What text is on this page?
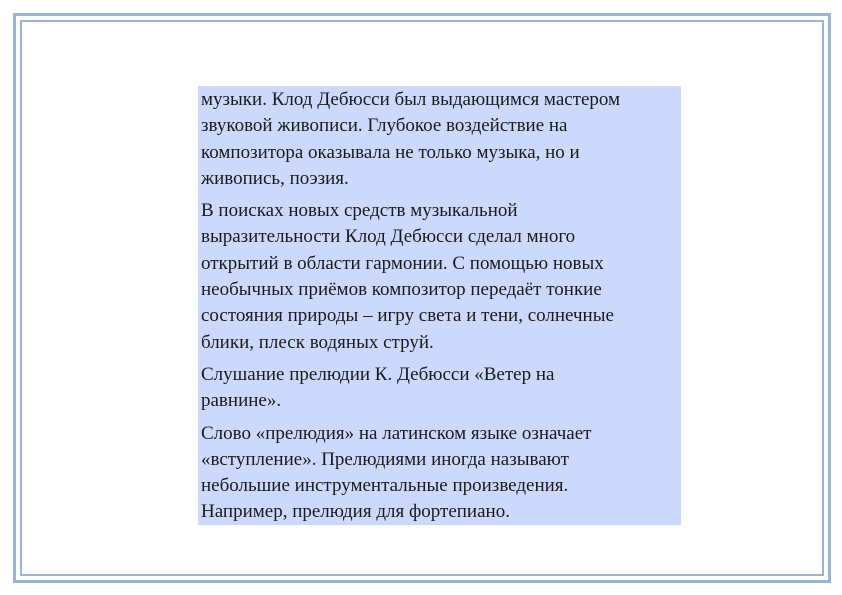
музыки. Клод Дебюсси был выдающимся мастером
звуковой живописи. Глубокое воздействие на
композитора оказывала не только музыка, но и
живопись, поэзия.

В поисках новых средств музыкальной
выразительности Клод Дебюсси сделал много
открытий в области гармонии. С помощью новых
необычных приёмов композитор передаёт тонкие
состояния природы – игру света и тени, солнечные
блики, плеск водяных струй.

Слушание прелюдии К. Дебюсси «Ветер на
равнине».

Слово «прелюдия» на латинском языке означает
«вступление». Прелюдиями иногда называют
небольшие инструментальные произведения.
Например, прелюдия для фортепиано.
